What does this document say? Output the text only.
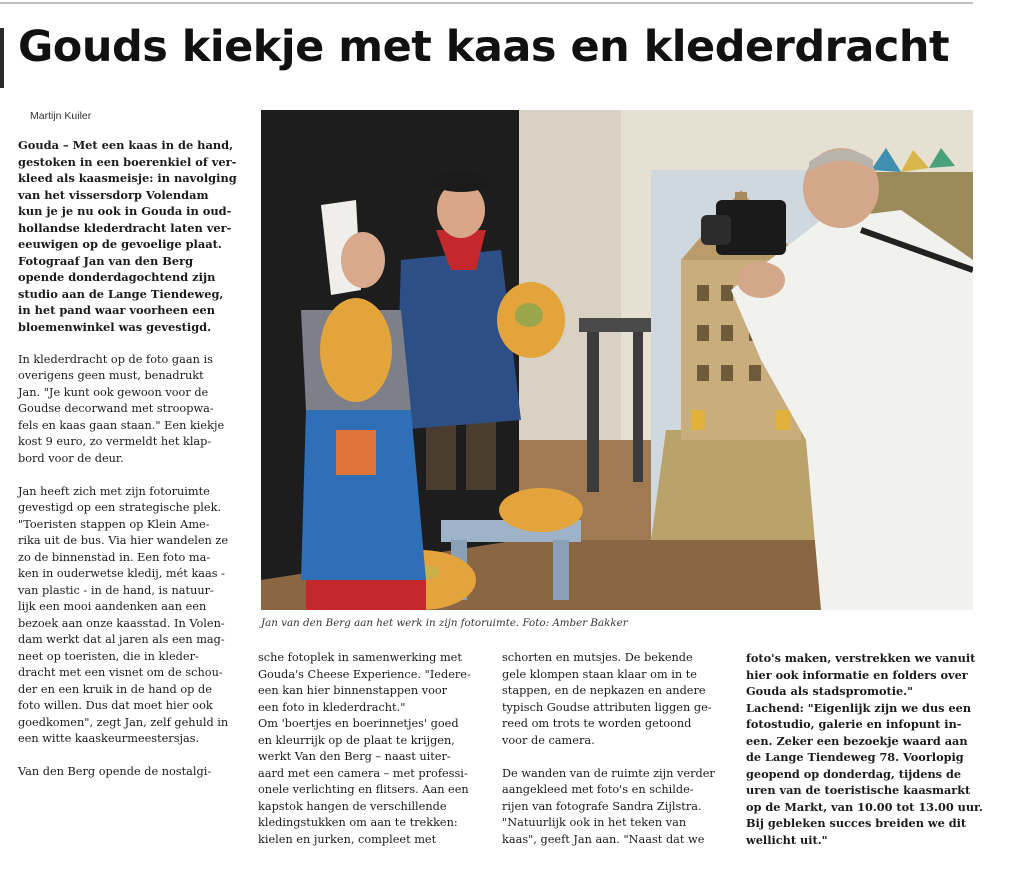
Gouds kiekje met kaas en klederdracht
Martijn Kuiler
Gouda – Met een kaas in de hand,
gestoken in een boerenkiel of ver-
kleed als kaasmeisje: in navolging
van het vissersdorp Volendam
kun je je nu ook in Gouda in oud-
hollandse klederdracht laten ver-
eeuwigen op de gevoelige plaat.
Fotograaf Jan van den Berg
opende donderdagochtend zijn
studio aan de Lange Tiendeweg,
in het pand waar voorheen een
bloemenwinkel was gevestigd.
In klederdracht op de foto gaan is
overigens geen must, benadrukt
Jan. "Je kunt ook gewoon voor de
Goudse decorwand met stroopwa-
fels en kaas gaan staan." Een kiekje
kost 9 euro, zo vermeldt het klap-
bord voor de deur.
Jan heeft zich met zijn fotoruimte
gevestigd op een strategische plek.
"Toeristen stappen op Klein Ame-
rika uit de bus. Via hier wandelen ze
zo de binnenstad in. Een foto ma-
ken in ouderwetse kledij, mét kaas -
van plastic - in de hand, is natuur-
lijk een mooi aandenken aan een
bezoek aan onze kaasstad. In Volen-
dam werkt dat al jaren als een mag-
neet op toeristen, die in kleder-
dracht met een visnet om de schou-
der en een kruik in de hand op de
foto willen. Dus dat moet hier ook
goedkomen", zegt Jan, zelf gehuld in
een witte kaaskeurmeestersjas.
Van den Berg opende de nostalgi-
Jan van den Berg aan het werk in zijn fotoruimte. Foto: Amber Bakker
sche fotoplek in samenwerking met
Gouda's Cheese Experience. "Iedere-
een kan hier binnenstappen voor
een foto in klederdracht."
Om 'boertjes en boerinnetjes' goed
en kleurrijk op de plaat te krijgen,
werkt Van den Berg – naast uiter-
aard met een camera – met professi-
onele verlichting en flitsers. Aan een
kapstok hangen de verschillende
kledingstukken om aan te trekken:
kielen en jurken, compleet met
schorten en mutsjes. De bekende
gele klompen staan klaar om in te
stappen, en de nepkazen en andere
typisch Goudse attributen liggen ge-
reed om trots te worden getoond
voor de camera.
De wanden van de ruimte zijn verder
aangekleed met foto's en schilde-
rijen van fotografe Sandra Zijlstra.
"Natuurlijk ook in het teken van
kaas", geeft Jan aan. "Naast dat we
foto's maken, verstrekken we vanuit
hier ook informatie en folders over
Gouda als stadspromotie."
Lachend: "Eigenlijk zijn we dus een
fotostudio, galerie en infopunt in-
een. Zeker een bezoekje waard aan
de Lange Tiendeweg 78. Voorlopig
geopend op donderdag, tijdens de
uren van de toeristische kaasmarkt
op de Markt, van 10.00 tot 13.00 uur.
Bij gebleken succes breiden we dit
wellicht uit."
